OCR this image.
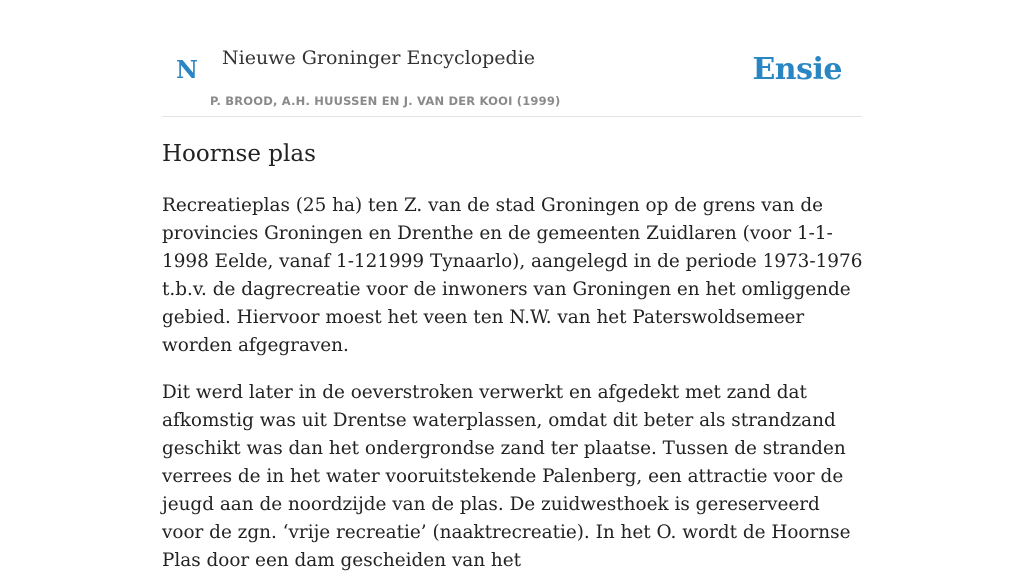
N Nieuwe Groninger Encyclopedie
P. BROOD, A.H. HUUSSEN EN J. VAN DER KOOI (1999)
Ensie
Hoornse plas

Recreatieplas (25 ha) ten Z. van de stad Groningen op de grens van de provincies Groningen en Drenthe en de gemeenten Zuidlaren (voor 1-1-1998 Eelde, vanaf 1-121999 Tynaarlo), aangelegd in de periode 1973-1976 t.b.v. de dagrecreatie voor de inwoners van Groningen en het omliggende gebied. Hiervoor moest het veen ten N.W. van het Paterswoldsemeer worden afgegraven.

Dit werd later in de oeverstroken verwerkt en afgedekt met zand dat afkomstig was uit Drentse waterplassen, omdat dit beter als strandzand geschikt was dan het ondergrondse zand ter plaatse. Tussen de stranden verrees de in het water vooruitstekende Palenberg, een attractie voor de jeugd aan de noordzijde van de plas. De zuidwesthoek is gereserveerd voor de zgn. ‘vrije recreatie’ (naaktrecreatie). In het O. wordt de Hoornse Plas door een dam gescheiden van het
